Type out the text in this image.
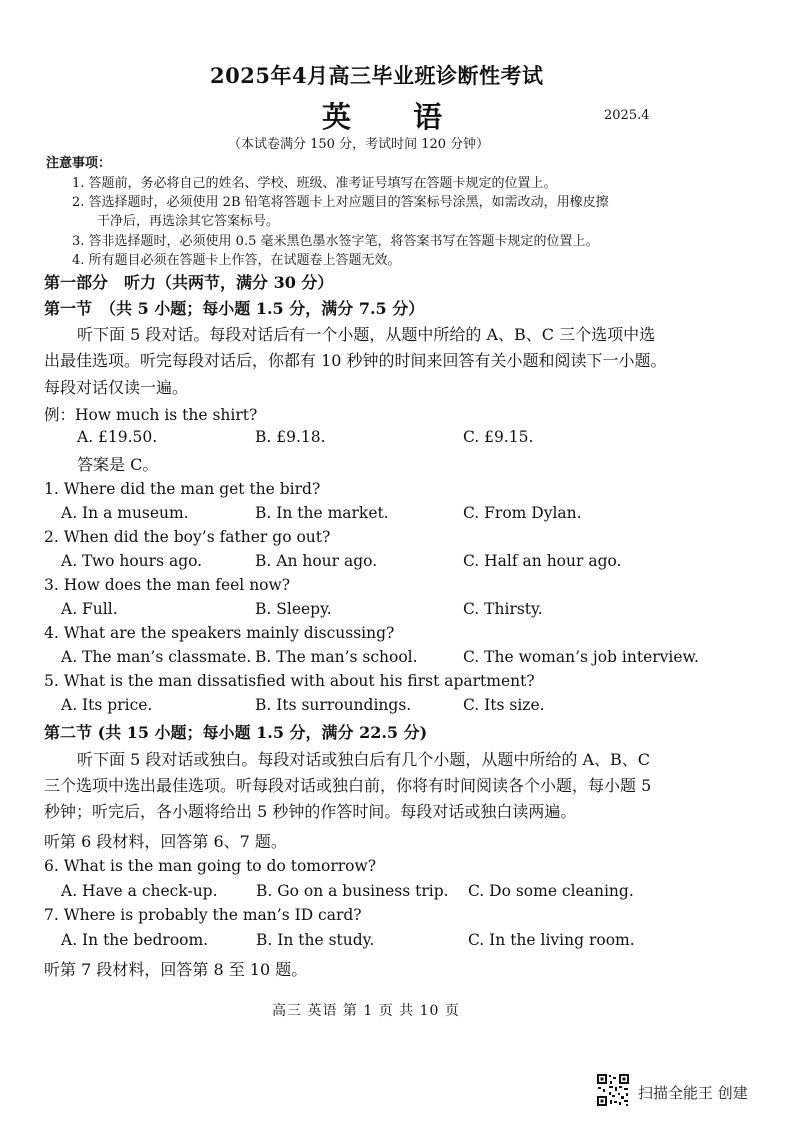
2025年4月高三毕业班诊断性考试
英 语	2025.4
（本试卷满分 150 分，考试时间 120 分钟）
注意事项：
1. 答题前，务必将自己的姓名、学校、班级、准考证号填写在答题卡规定的位置上。
2. 答选择题时，必须使用 2B 铅笔将答题卡上对应题目的答案标号涂黑，如需改动，用橡皮擦
干净后，再选涂其它答案标号。
3. 答非选择题时，必须使用 0.5 毫米黑色墨水签字笔，将答案书写在答题卡规定的位置上。
4. 所有题目必须在答题卡上作答，在试题卷上答题无效。
第一部分　听力（共两节，满分 30 分）
第一节　（共 5 小题；每小题 1.5 分，满分 7.5 分）
听下面 5 段对话。每段对话后有一个小题，从题中所给的 A、B、C 三个选项中选
出最佳选项。听完每段对话后，你都有 10 秒钟的时间来回答有关小题和阅读下一小题。
每段对话仅读一遍。
例：How much is the shirt?
A. £19.50.	B. £9.18.	C. £9.15.
答案是 C。
1. Where did the man get the bird?
A. In a museum.	B. In the market.	C. From Dylan.
2. When did the boy’s father go out?
A. Two hours ago.	B. An hour ago.	C. Half an hour ago.
3. How does the man feel now?
A. Full.	B. Sleepy.	C. Thirsty.
4. What are the speakers mainly discussing?
A. The man’s classmate. B. The man’s school.	C. The woman’s job interview.
5. What is the man dissatisfied with about his first apartment?
A. Its price.	B. Its surroundings.	C. Its size.
第二节 (共 15 小题；每小题 1.5 分，满分 22.5 分)
听下面 5 段对话或独白。每段对话或独白后有几个小题，从题中所给的 A、B、C
三个选项中选出最佳选项。听每段对话或独白前，你将有时间阅读各个小题，每小题 5
秒钟；听完后，各小题将给出 5 秒钟的作答时间。每段对话或独白读两遍。
听第 6 段材料，回答第 6、7 题。
6. What is the man going to do tomorrow?
A. Have a check-up. B. Go on a business trip. C. Do some cleaning.
7. Where is probably the man’s ID card?
A. In the bedroom.	B. In the study.	C. In the living room.
听第 7 段材料，回答第 8 至 10 题。
高三 英语 第 1 页 共 10 页
扫描全能王 创建
